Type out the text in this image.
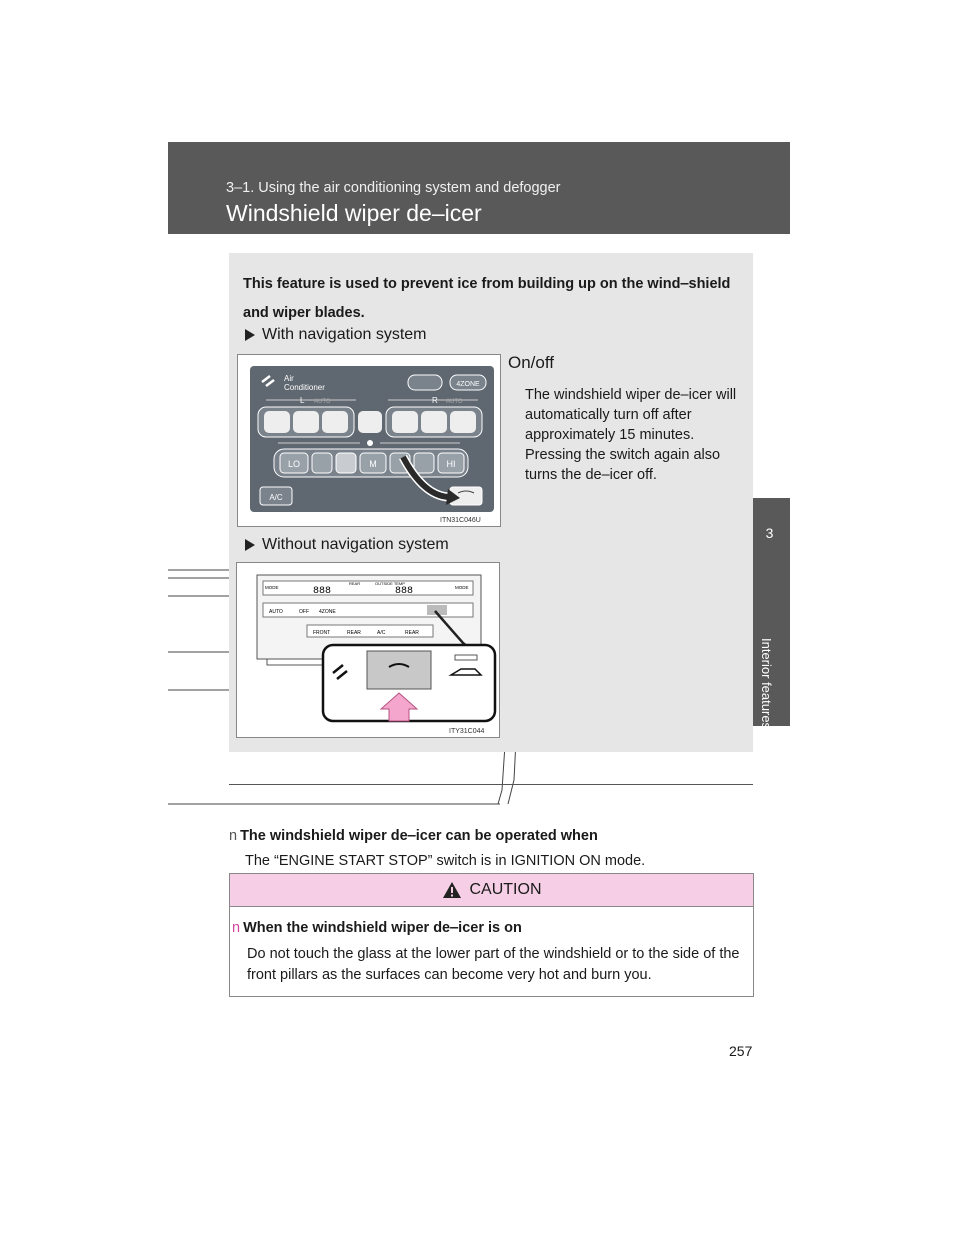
3‒1. Using the air conditioning system and defogger
Windshield wiper de‒icer
3
Interior features
This feature is used to prevent ice from building up on the wind‒shield and wiper blades.
With navigation system
Air
Conditioner	4ZONE
L AUTO	R AUTO
LO	M	HI
A/C
ITN31C046U
On/off
The windshield wiper de‒icer will automatically turn off after approximately 15 minutes. Pressing the switch again also turns the de‒icer off.
Without navigation system
MODE	MODE
888
REAR	OUTSIDE TEMP
888
AUTO	OFF 4ZONE
FRONT	REAR	A/C	REAR
ITY31C044
n The windshield wiper de‒icer can be operated when
The “ENGINE START STOP” switch is in IGNITION ON mode.
CAUTION
n When the windshield wiper de‒icer is on
Do not touch the glass at the lower part of the windshield or to the side of the front pillars as the surfaces can become very hot and burn you.
257
